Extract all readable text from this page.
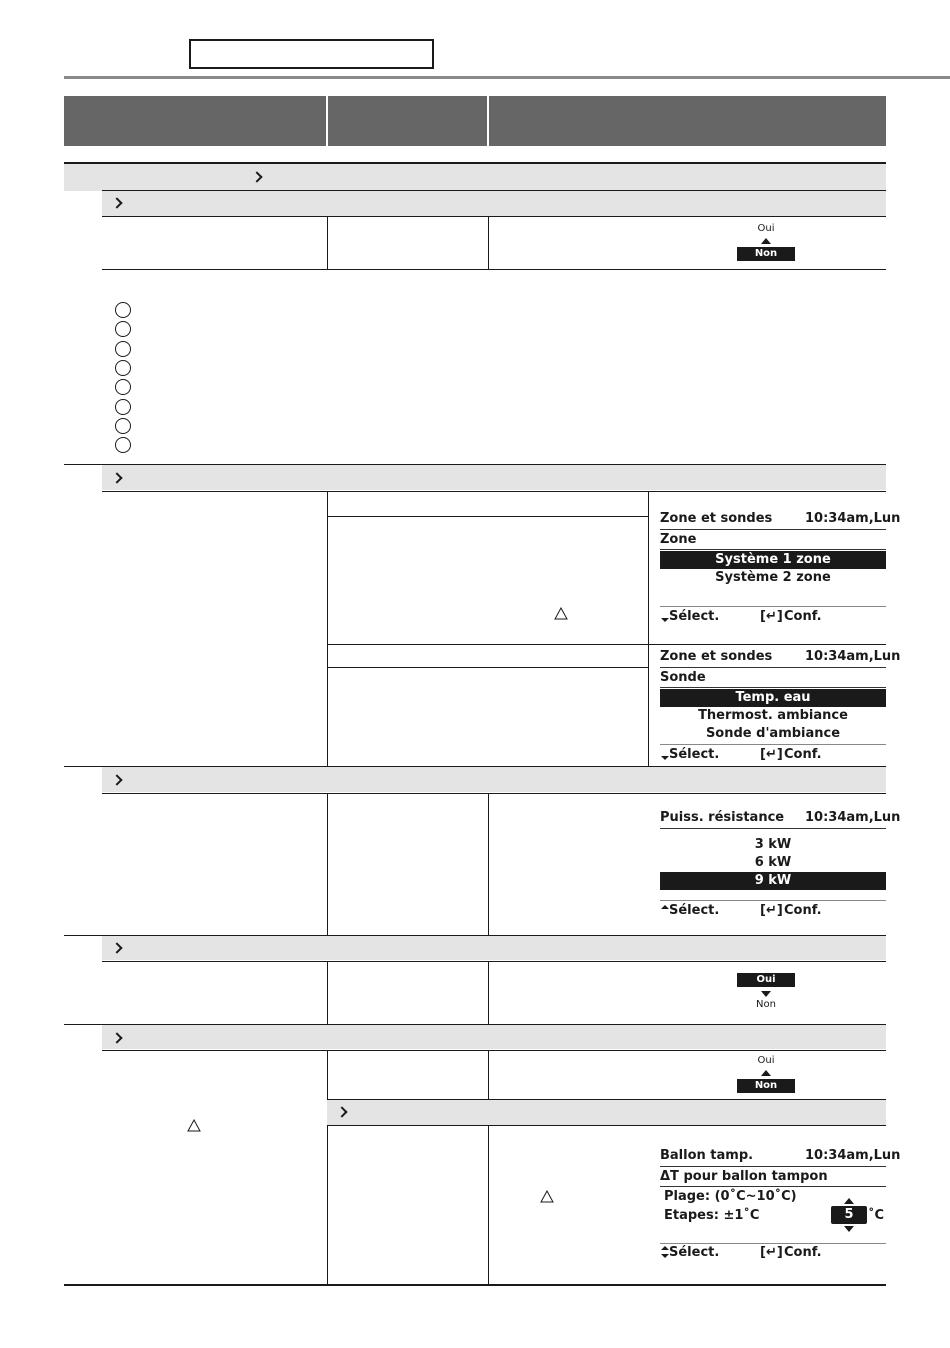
Oui
Non
Zone et sondes	10:34am,Lun
Zone
Système 1 zone
Système 2 zone
Sélect.	[↵] Conf.
Zone et sondes	10:34am,Lun
Sonde
Temp. eau
Thermost. ambiance
Sonde d'ambiance
Sélect.	[↵] Conf.
Puiss. résistance 10:34am,Lun
3 kW
6 kW
9 kW
Sélect.	[↵] Conf.
Oui
Non
Oui
Non
Ballon tamp.	10:34am,Lun
ΔT pour ballon tampon
Plage: (0˚C~10˚C)
Etapes: ±1˚C	5	˚C
Sélect.	[↵] Conf.
